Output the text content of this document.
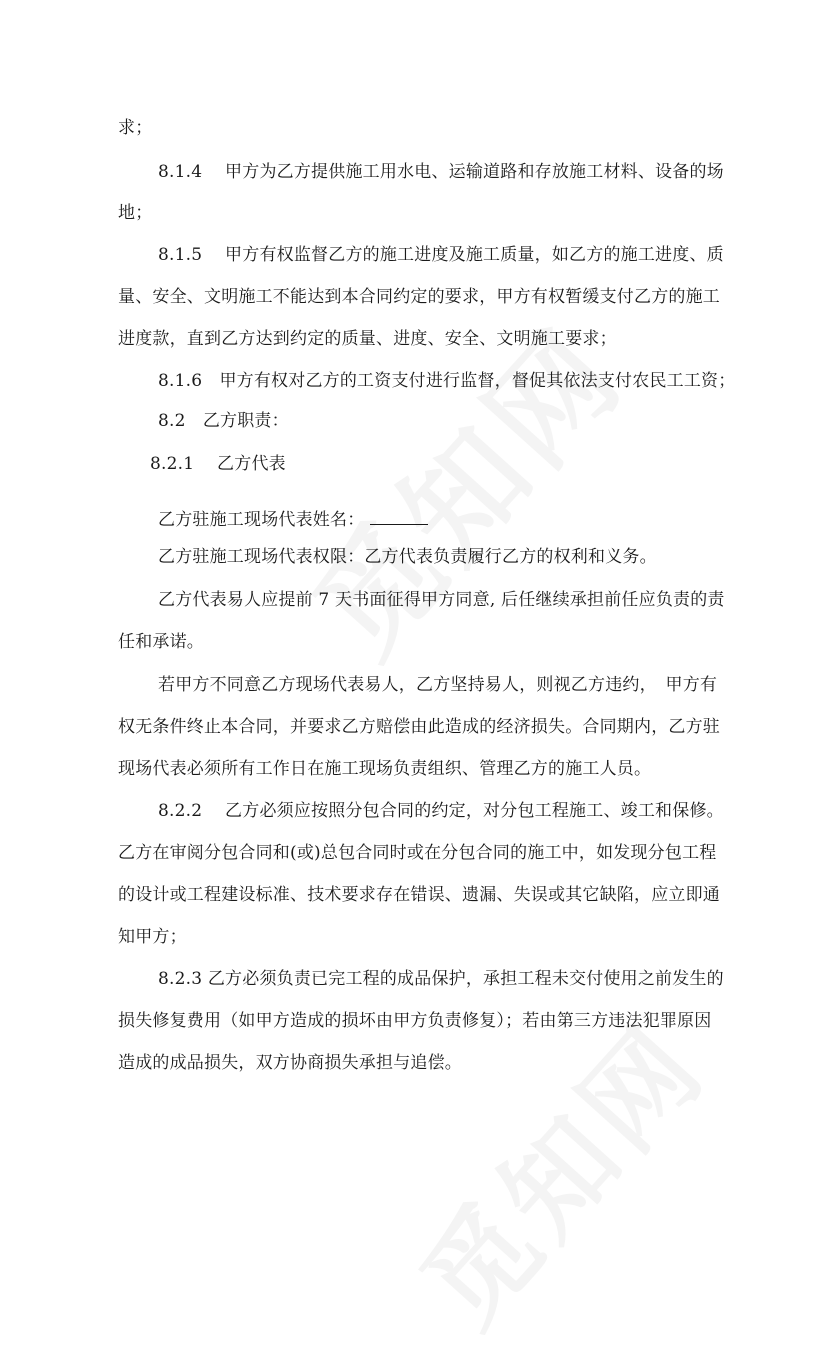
求；

8.1.4　 甲方为乙方提供施工用水电、运输道路和存放施工材料、设备的场

地；

8.1.5　 甲方有权监督乙方的施工进度及施工质量，如乙方的施工进度、质

量、安全、文明施工不能达到本合同约定的要求，甲方有权暂缓支付乙方的施工

进度款，直到乙方达到约定的质量、进度、安全、文明施工要求；

8.1.6　甲方有权对乙方的工资支付进行监督，督促其依法支付农民工工资；

8.2　乙方职责：

8.2.1　 乙方代表

乙方驻施工现场代表姓名：

乙方驻施工现场代表权限：乙方代表负责履行乙方的权利和义务。

乙方代表易人应提前 7 天书面征得甲方同意, 后任继续承担前任应负责的责

任和承诺。

若甲方不同意乙方现场代表易人，乙方坚持易人，则视乙方违约，　甲方有

权无条件终止本合同，并要求乙方赔偿由此造成的经济损失。合同期内，乙方驻

现场代表必须所有工作日在施工现场负责组织、管理乙方的施工人员。

8.2.2　 乙方必须应按照分包合同的约定，对分包工程施工、竣工和保修。

乙方在审阅分包合同和(或)总包合同时或在分包合同的施工中，如发现分包工程

的设计或工程建设标准、技术要求存在错误、遗漏、失误或其它缺陷，应立即通

知甲方；

8.2.3 乙方必须负责已完工程的成品保护，承担工程未交付使用之前发生的

损失修复费用（如甲方造成的损坏由甲方负责修复）；若由第三方违法犯罪原因

造成的成品损失，双方协商损失承担与追偿。
